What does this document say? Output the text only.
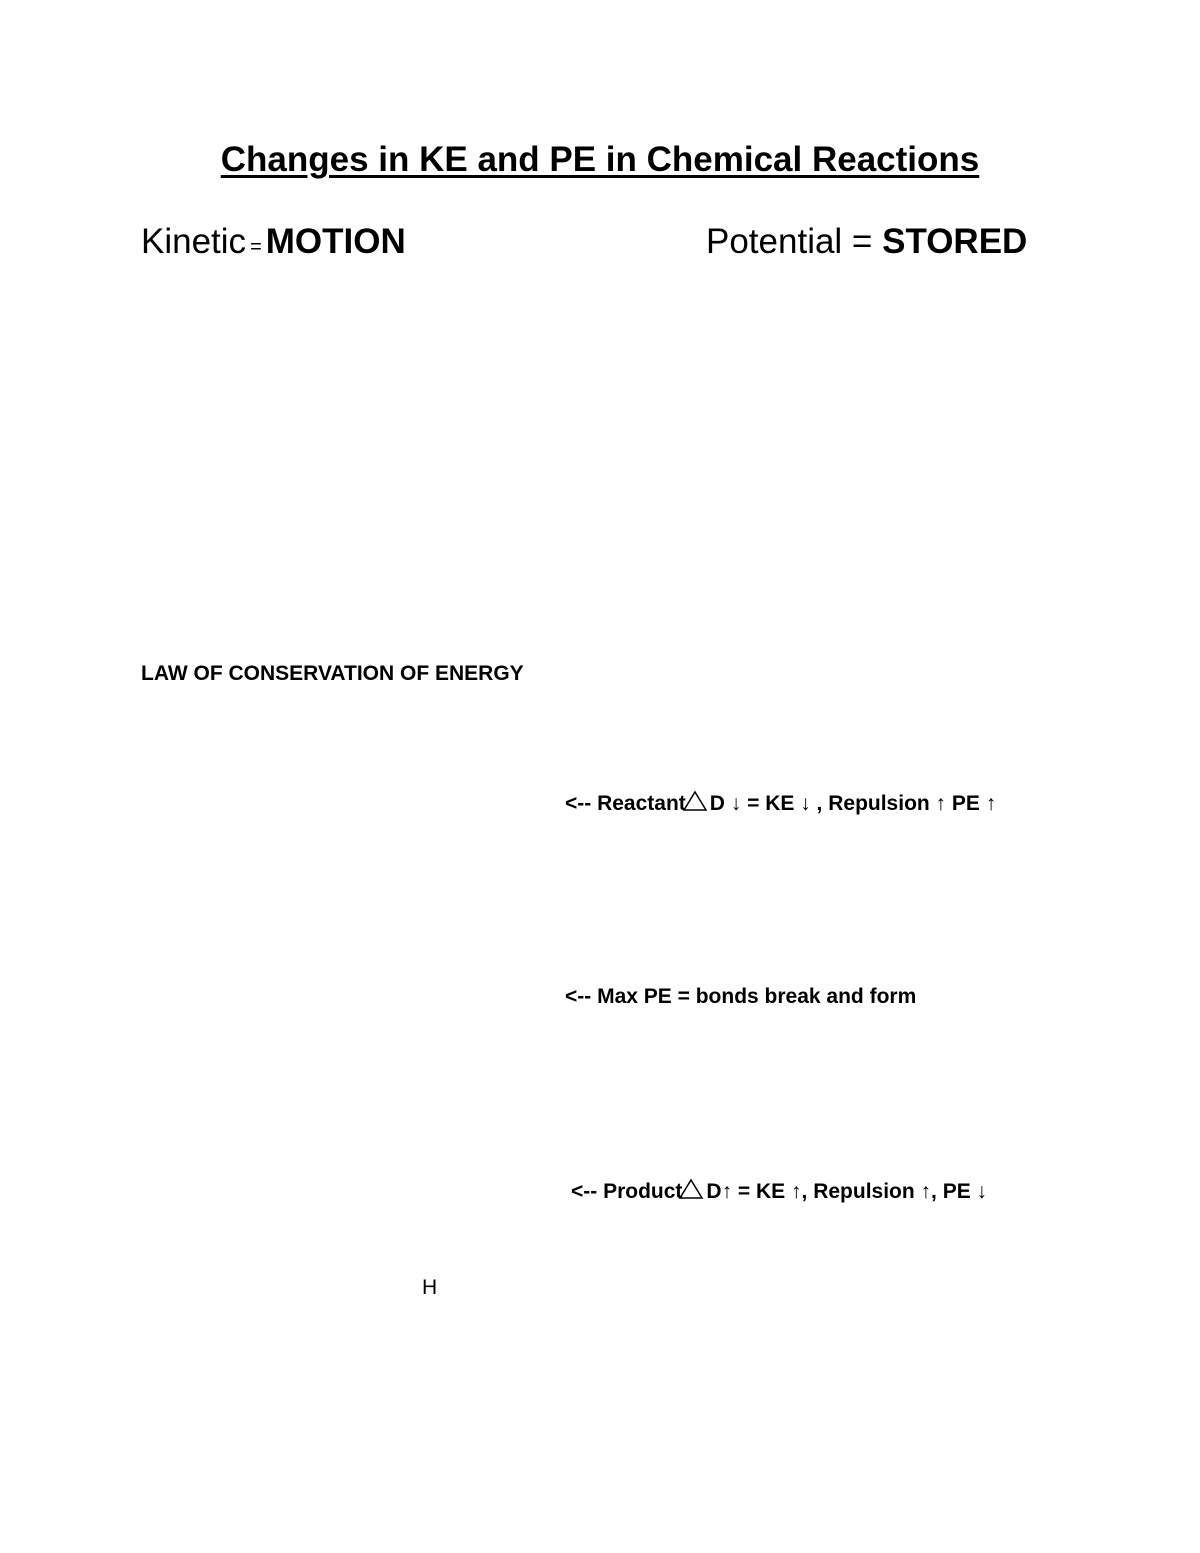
Changes in KE and PE in Chemical Reactions
Kinetic = MOTION	Potential = STORED
LAW OF CONSERVATION OF ENERGY
<-- Reactant D ↓ = KE ↓ , Repulsion ↑ PE ↑
<-- Max PE = bonds break and form
<-- Product D↑ = KE ↑, Repulsion ↑, PE ↓
H
